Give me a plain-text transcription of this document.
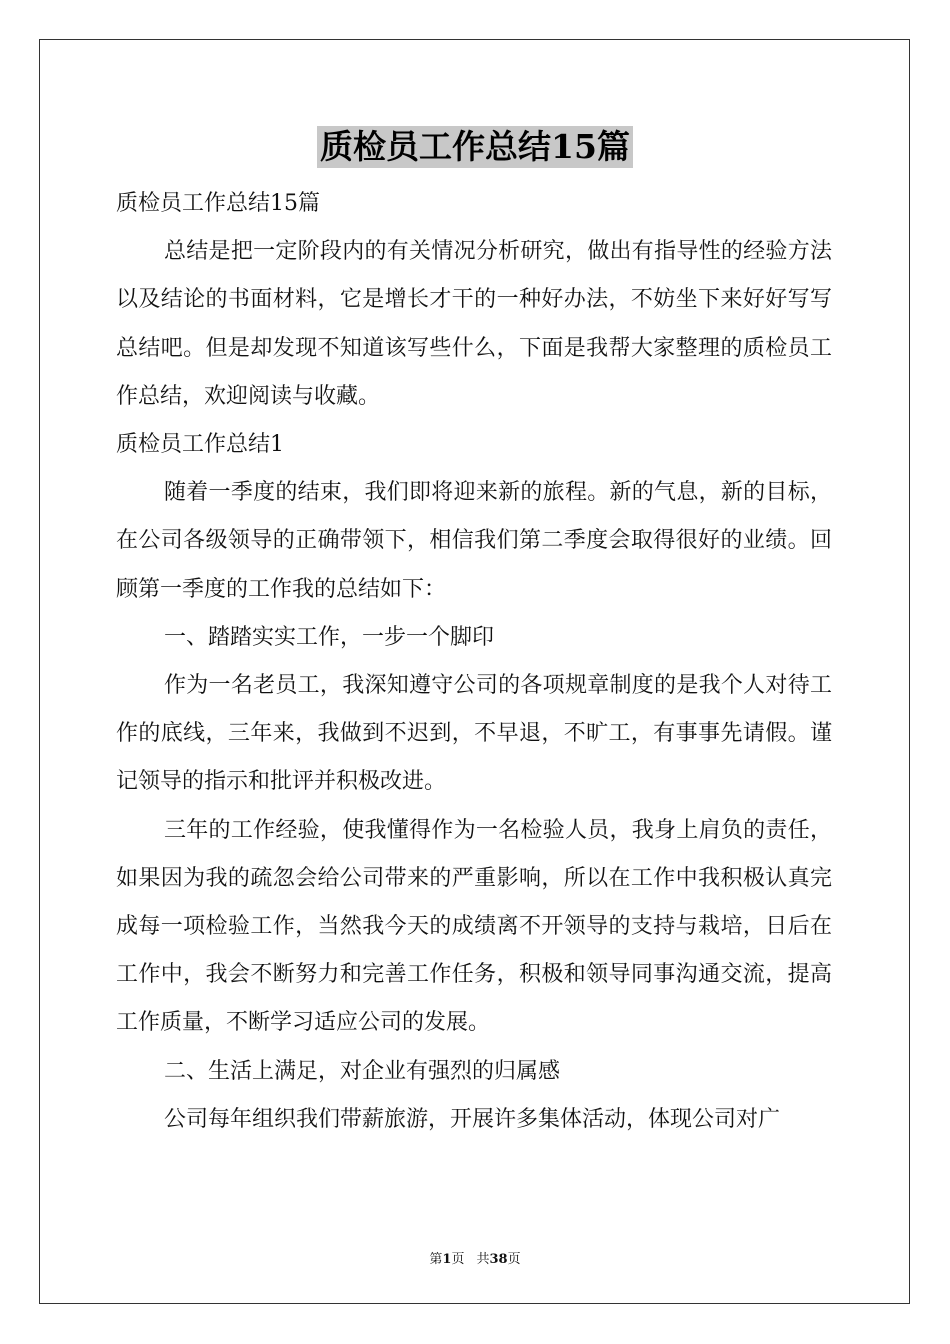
质检员工作总结15篇

质检员工作总结15篇

总结是把一定阶段内的有关情况分析研究，做出有指导性的经验方法以及结论的书面材料，它是增长才干的一种好办法，不妨坐下来好好写写总结吧。但是却发现不知道该写些什么，下面是我帮大家整理的质检员工作总结，欢迎阅读与收藏。

质检员工作总结1

随着一季度的结束，我们即将迎来新的旅程。新的气息，新的目标，在公司各级领导的正确带领下，相信我们第二季度会取得很好的业绩。回顾第一季度的工作我的总结如下：

一、踏踏实实工作，一步一个脚印

作为一名老员工，我深知遵守公司的各项规章制度的是我个人对待工作的底线，三年来，我做到不迟到，不早退，不旷工，有事事先请假。谨记领导的指示和批评并积极改进。

三年的工作经验，使我懂得作为一名检验人员，我身上肩负的责任，如果因为我的疏忽会给公司带来的严重影响，所以在工作中我积极认真完成每一项检验工作，当然我今天的成绩离不开领导的支持与栽培，日后在工作中，我会不断努力和完善工作任务，积极和领导同事沟通交流，提高工作质量，不断学习适应公司的发展。

二、生活上满足，对企业有强烈的归属感

公司每年组织我们带薪旅游，开展许多集体活动，体现公司对广

第1页 共38页
